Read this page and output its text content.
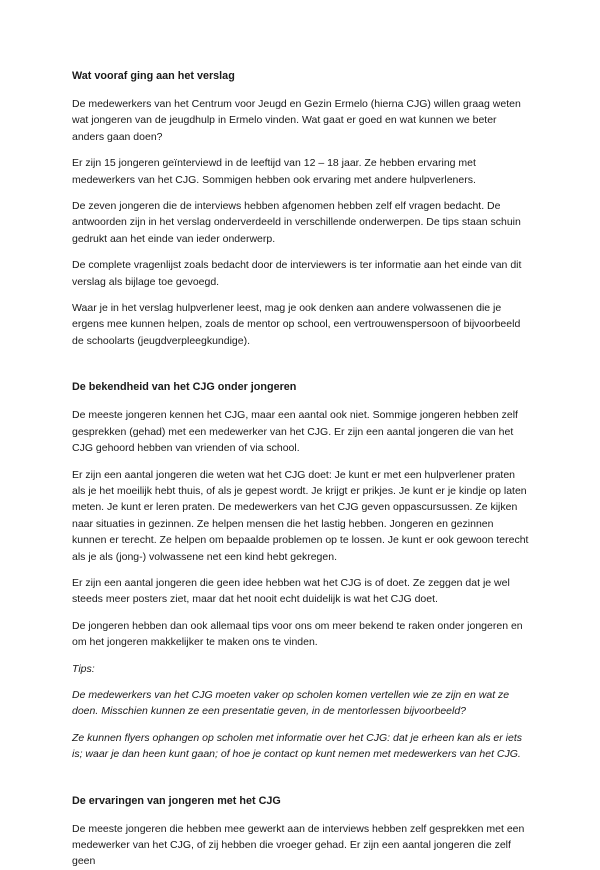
Wat vooraf ging aan het verslag

De medewerkers van het Centrum voor Jeugd en Gezin Ermelo (hierna CJG) willen graag weten wat jongeren van de jeugdhulp in Ermelo vinden. Wat gaat er goed en wat kunnen we beter anders gaan doen?

Er zijn 15 jongeren geïnterviewd in de leeftijd van 12 – 18 jaar. Ze hebben ervaring met medewerkers van het CJG. Sommigen hebben ook ervaring met andere hulpverleners.

De zeven jongeren die de interviews hebben afgenomen hebben zelf elf vragen bedacht. De antwoorden zijn in het verslag onderverdeeld in verschillende onderwerpen. De tips staan schuin gedrukt aan het einde van ieder onderwerp.

De complete vragenlijst zoals bedacht door de interviewers is ter informatie aan het einde van dit verslag als bijlage toe gevoegd.

Waar je in het verslag hulpverlener leest, mag je ook denken aan andere volwassenen die je ergens mee kunnen helpen, zoals de mentor op school, een vertrouwenspersoon of bijvoorbeeld de schoolarts (jeugdverpleegkundige).

De bekendheid van het CJG onder jongeren

De meeste jongeren kennen het CJG, maar een aantal ook niet. Sommige jongeren hebben zelf gesprekken (gehad) met een medewerker van het CJG. Er zijn een aantal jongeren die van het CJG gehoord hebben van vrienden of via school.

Er zijn een aantal jongeren die weten wat het CJG doet: Je kunt er met een hulpverlener praten als je het moeilijk hebt thuis, of als je gepest wordt. Je krijgt er prikjes. Je kunt er je kindje op laten meten. Je kunt er leren praten. De medewerkers van het CJG geven oppascursussen. Ze kijken naar situaties in gezinnen. Ze helpen mensen die het lastig hebben. Jongeren en gezinnen kunnen er terecht. Ze helpen om bepaalde problemen op te lossen. Je kunt er ook gewoon terecht als je als (jong-) volwassene net een kind hebt gekregen.

Er zijn een aantal jongeren die geen idee hebben wat het CJG is of doet. Ze zeggen dat je wel steeds meer posters ziet, maar dat het nooit echt duidelijk is wat het CJG doet.

De jongeren hebben dan ook allemaal tips voor ons om meer bekend te raken onder jongeren en om het jongeren makkelijker te maken ons te vinden.

Tips:

De medewerkers van het CJG moeten vaker op scholen komen vertellen wie ze zijn en wat ze doen. Misschien kunnen ze een presentatie geven, in de mentorlessen bijvoorbeeld?

Ze kunnen flyers ophangen op scholen met informatie over het CJG: dat je erheen kan als er iets is; waar je dan heen kunt gaan; of hoe je contact op kunt nemen met medewerkers van het CJG.

De ervaringen van jongeren met het CJG

De meeste jongeren die hebben mee gewerkt aan de interviews hebben zelf gesprekken met een medewerker van het CJG, of zij hebben die vroeger gehad. Er zijn een aantal jongeren die zelf geen
